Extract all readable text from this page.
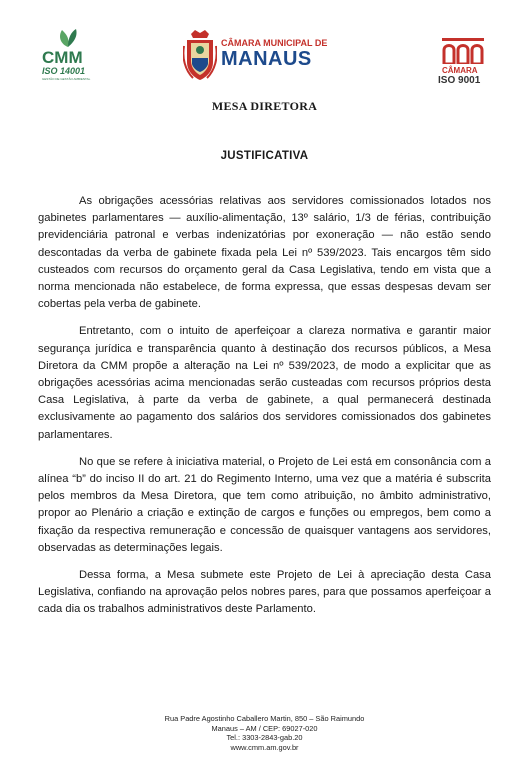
CMM
ISO 14001
GESTÃO DE GESTÃO AMBIENTAL
CÂMARA MUNICIPAL DE
MANAUS
CÂMARA
ISO 9001
MESA DIRETORA
JUSTIFICATIVA

As obrigações acessórias relativas aos servidores comissionados lotados nos gabinetes parlamentares — auxílio-alimentação, 13º salário, 1/3 de férias, contribuição previdenciária patronal e verbas indenizatórias por exoneração — não estão sendo descontadas da verba de gabinete fixada pela Lei nº 539/2023. Tais encargos têm sido custeados com recursos do orçamento geral da Casa Legislativa, tendo em vista que a norma mencionada não estabelece, de forma expressa, que essas despesas devam ser cobertas pela verba de gabinete.

Entretanto, com o intuito de aperfeiçoar a clareza normativa e garantir maior segurança jurídica e transparência quanto à destinação dos recursos públicos, a Mesa Diretora da CMM propõe a alteração na Lei nº 539/2023, de modo a explicitar que as obrigações acessórias acima mencionadas serão custeadas com recursos próprios desta Casa Legislativa, à parte da verba de gabinete, a qual permanecerá destinada exclusivamente ao pagamento dos salários dos servidores comissionados dos gabinetes parlamentares.

No que se refere à iniciativa material, o Projeto de Lei está em consonância com a alínea “b” do inciso II do art. 21 do Regimento Interno, uma vez que a matéria é subscrita pelos membros da Mesa Diretora, que tem como atribuição, no âmbito administrativo, propor ao Plenário a criação e extinção de cargos e funções ou empregos, bem como a fixação da respectiva remuneração e concessão de quaisquer vantagens aos servidores, observadas as determinações legais.

Dessa forma, a Mesa submete este Projeto de Lei à apreciação desta Casa Legislativa, confiando na aprovação pelos nobres pares, para que possamos aperfeiçoar a cada dia os trabalhos administrativos deste Parlamento.

Rua Padre Agostinho Caballero Martin, 850 – São Raimundo
Manaus – AM / CEP: 69027-020
Tel.: 3303-2843-gab.20
www.cmm.am.gov.br
